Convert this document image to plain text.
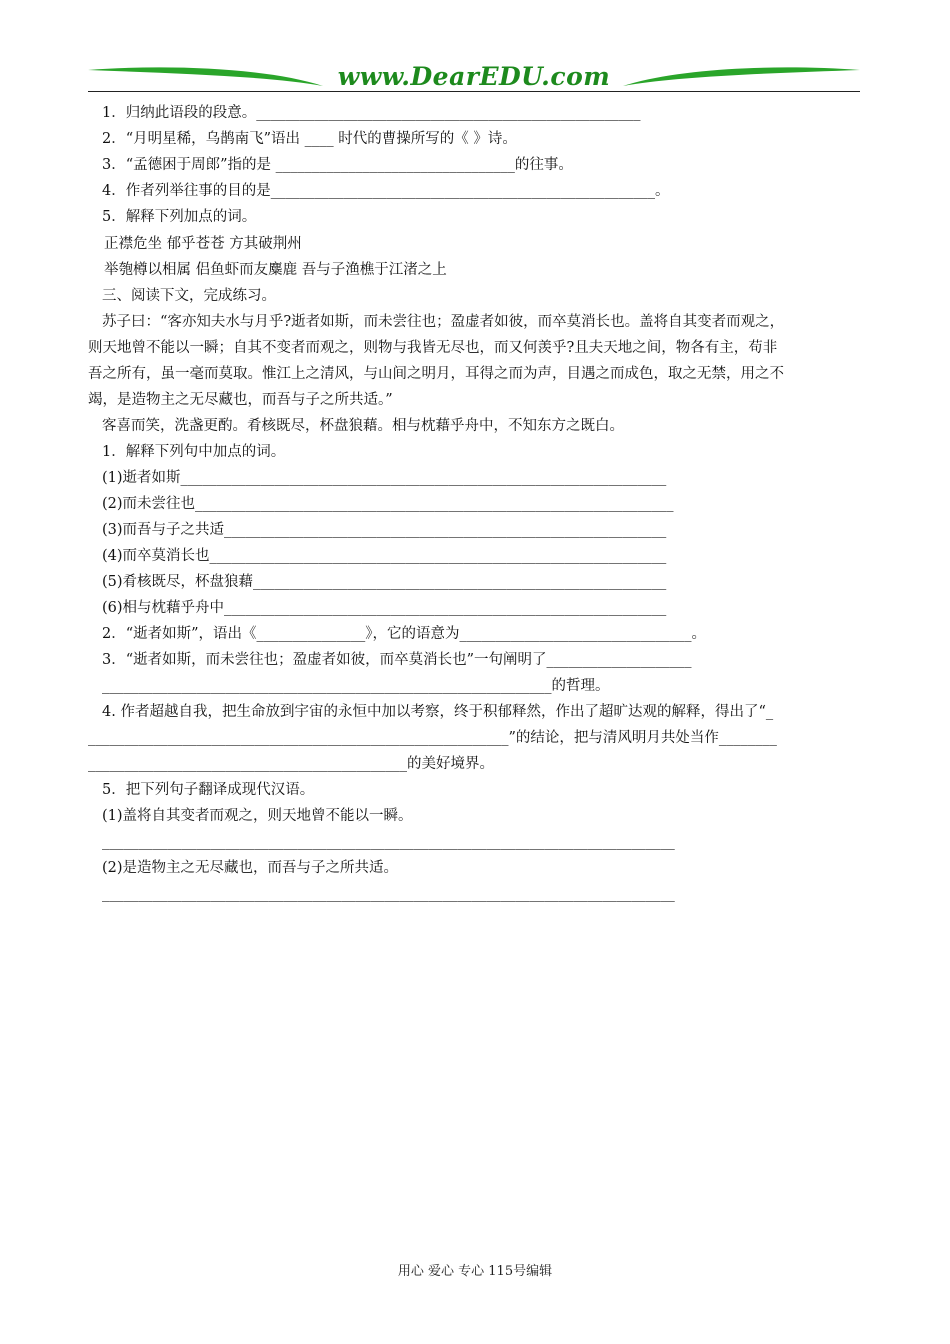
www.DearEDU.com
1．归纳此语段的段意。_____________________________________________________
2．“月明星稀，乌鹊南飞”语出 ____ 时代的曹操所写的《 》诗。
3．“孟德困于周郎”指的是 _________________________________的往事。
4．作者列举往事的目的是_____________________________________________________。
5．解释下列加点的词。
正襟危坐 郁乎苍苍 方其破荆州
举匏樽以相属 侣鱼虾而友麋鹿 吾与子渔樵于江渚之上
三、阅读下文，完成练习。
苏子曰：“客亦知夫水与月乎?逝者如斯，而未尝往也；盈虚者如彼，而卒莫消长也。盖将自其变者而观之，
则天地曾不能以一瞬；自其不变者而观之，则物与我皆无尽也，而又何羡乎?且夫天地之间，物各有主，苟非
吾之所有，虽一毫而莫取。惟江上之清风，与山间之明月，耳得之而为声，目遇之而成色，取之无禁，用之不
竭，是造物主之无尽藏也，而吾与子之所共适。”
客喜而笑，洗盏更酌。肴核既尽，杯盘狼藉。相与枕藉乎舟中，不知东方之既白。
1．解释下列句中加点的词。
(1)逝者如斯___________________________________________________________________
(2)而未尝往也__________________________________________________________________
(3)而吾与子之共适_____________________________________________________________
(4)而卒莫消长也_______________________________________________________________
(5)肴核既尽，杯盘狼藉_________________________________________________________
(6)相与枕藉乎舟中_____________________________________________________________
2．“逝者如斯”，语出《_______________》，它的语意为________________________________。
3．“逝者如斯，而未尝往也；盈虚者如彼，而卒莫消长也”一句阐明了____________________
______________________________________________________________的哲理。
4. 作者超越自我，把生命放到宇宙的永恒中加以考察，终于积郁释然，作出了超旷达观的解释，得出了“_
__________________________________________________________”的结论，把与清风明月共处当作________
____________________________________________的美好境界。
5．把下列句子翻译成现代汉语。
(1)盖将自其变者而观之，则天地曾不能以一瞬。
_______________________________________________________________________________
(2)是造物主之无尽藏也，而吾与子之所共适。
_______________________________________________________________________________
用心 爱心 专心 115号编辑
